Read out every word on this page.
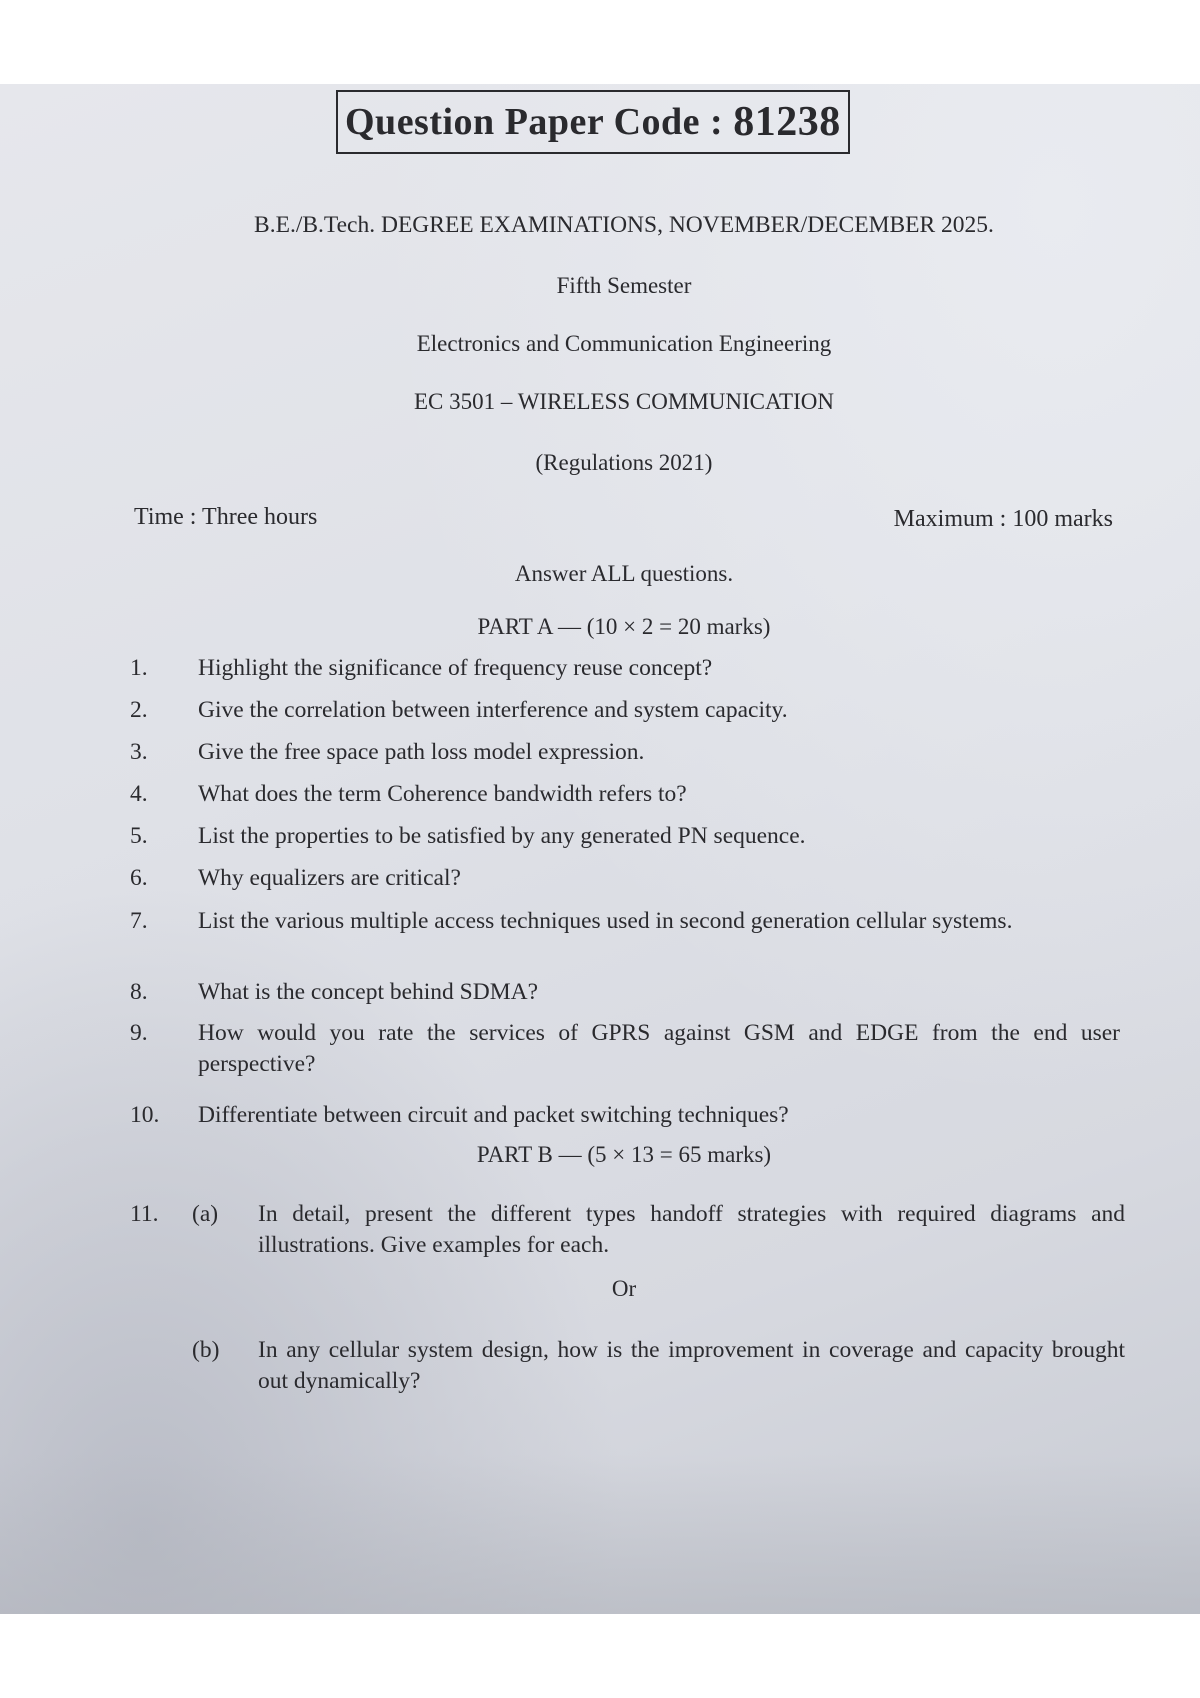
Question Paper Code : 81238
B.E./B.Tech. DEGREE EXAMINATIONS, NOVEMBER/DECEMBER 2025.
Fifth Semester
Electronics and Communication Engineering
EC 3501 – WIRELESS COMMUNICATION
(Regulations 2021)
Time : Three hours	Maximum : 100 marks
Answer ALL questions.
PART A — (10 × 2 = 20 marks)
1.	Highlight the significance of frequency reuse concept?
2.	Give the correlation between interference and system capacity.
3.	Give the free space path loss model expression.
4.	What does the term Coherence bandwidth refers to?
5.	List the properties to be satisfied by any generated PN sequence.
6.	Why equalizers are critical?
7.	List the various multiple access techniques used in second generation cellular systems.
8.	What is the concept behind SDMA?
9.	How would you rate the services of GPRS against GSM and EDGE from the end user perspective?
10.	Differentiate between circuit and packet switching techniques?
PART B — (5 × 13 = 65 marks)
11. (a) In detail, present the different types handoff strategies with required diagrams and illustrations. Give examples for each.
Or
(b) In any cellular system design, how is the improvement in coverage and capacity brought out dynamically?
